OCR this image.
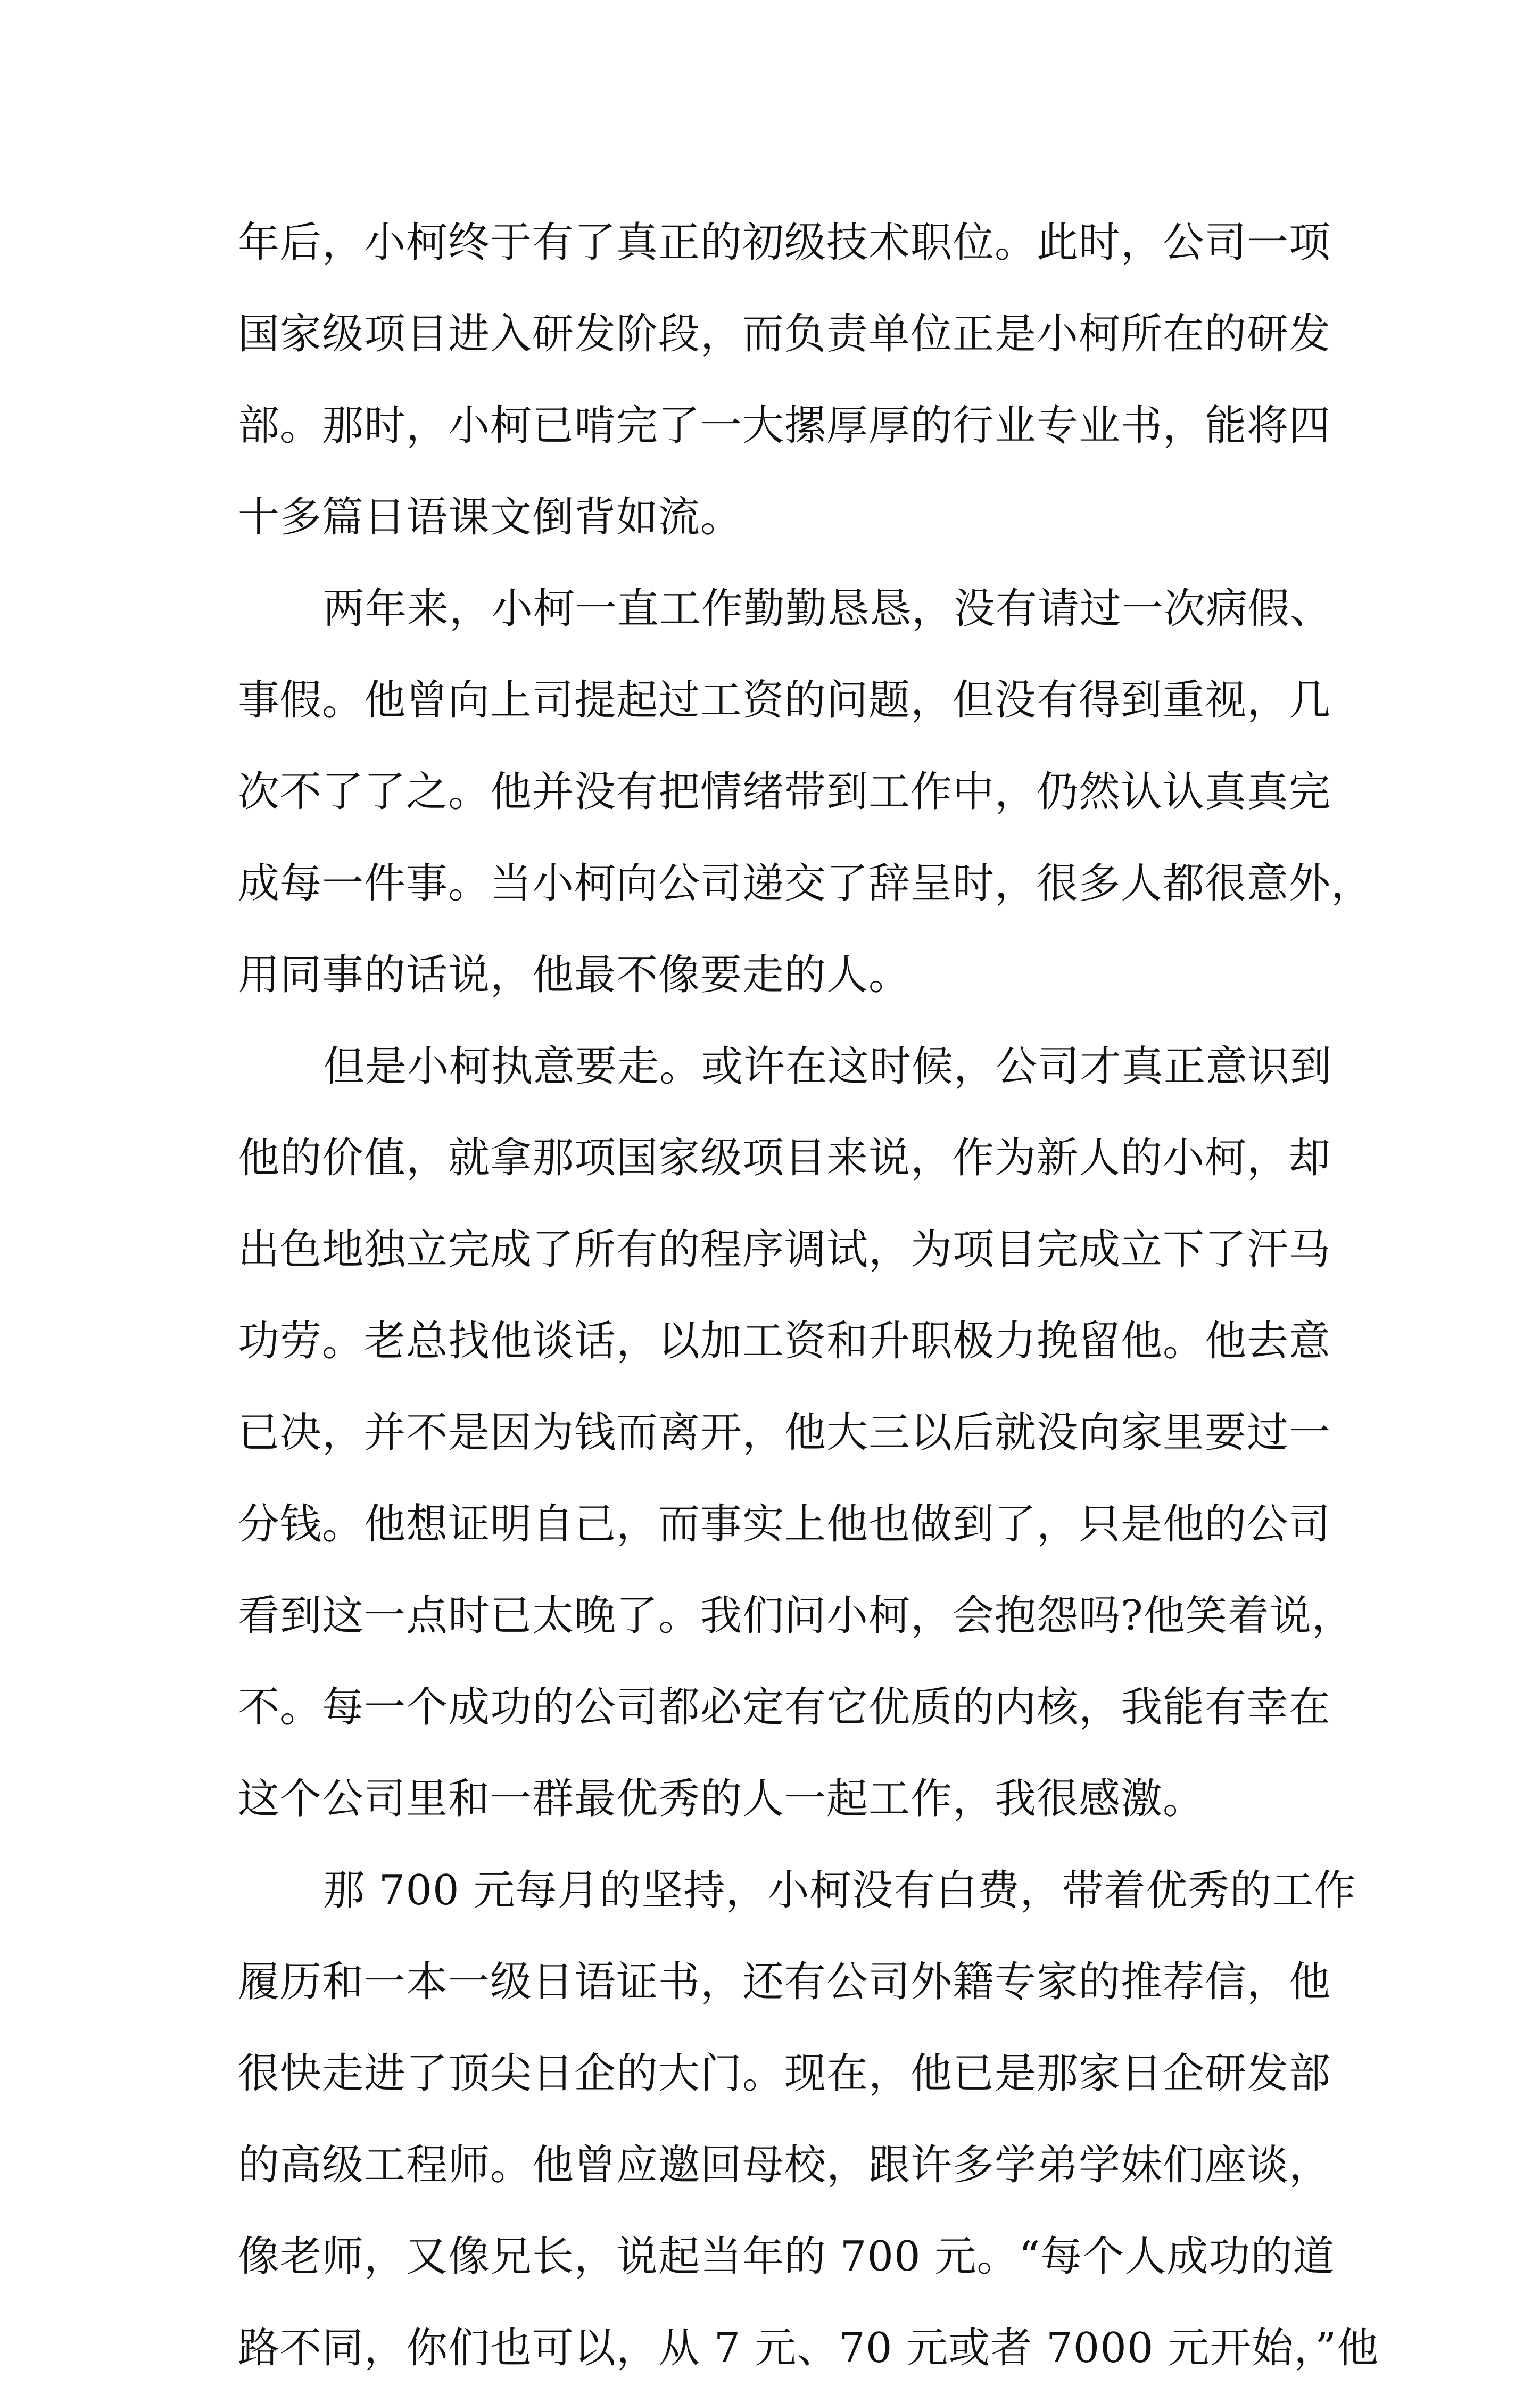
年后，小柯终于有了真正的初级技术职位。此时，公司一项
国家级项目进入研发阶段，而负责单位正是小柯所在的研发
部。那时，小柯已啃完了一大摞厚厚的行业专业书，能将四
十多篇日语课文倒背如流。
两年来，小柯一直工作勤勤恳恳，没有请过一次病假、
事假。他曾向上司提起过工资的问题，但没有得到重视，几
次不了了之。他并没有把情绪带到工作中，仍然认认真真完
成每一件事。当小柯向公司递交了辞呈时，很多人都很意外，
用同事的话说，他最不像要走的人。
但是小柯执意要走。或许在这时候，公司才真正意识到
他的价值，就拿那项国家级项目来说，作为新人的小柯，却
出色地独立完成了所有的程序调试，为项目完成立下了汗马
功劳。老总找他谈话，以加工资和升职极力挽留他。他去意
已决，并不是因为钱而离开，他大三以后就没向家里要过一
分钱。他想证明自己，而事实上他也做到了，只是他的公司
看到这一点时已太晚了。我们问小柯，会抱怨吗?他笑着说，
不。每一个成功的公司都必定有它优质的内核，我能有幸在
这个公司里和一群最优秀的人一起工作，我很感激。
那 700 元每月的坚持，小柯没有白费，带着优秀的工作
履历和一本一级日语证书，还有公司外籍专家的推荐信，他
很快走进了顶尖日企的大门。现在，他已是那家日企研发部
的高级工程师。他曾应邀回母校，跟许多学弟学妹们座谈，
像老师，又像兄长，说起当年的 700 元。“每个人成功的道
路不同，你们也可以，从 7 元、70 元或者 7000 元开始，”他
